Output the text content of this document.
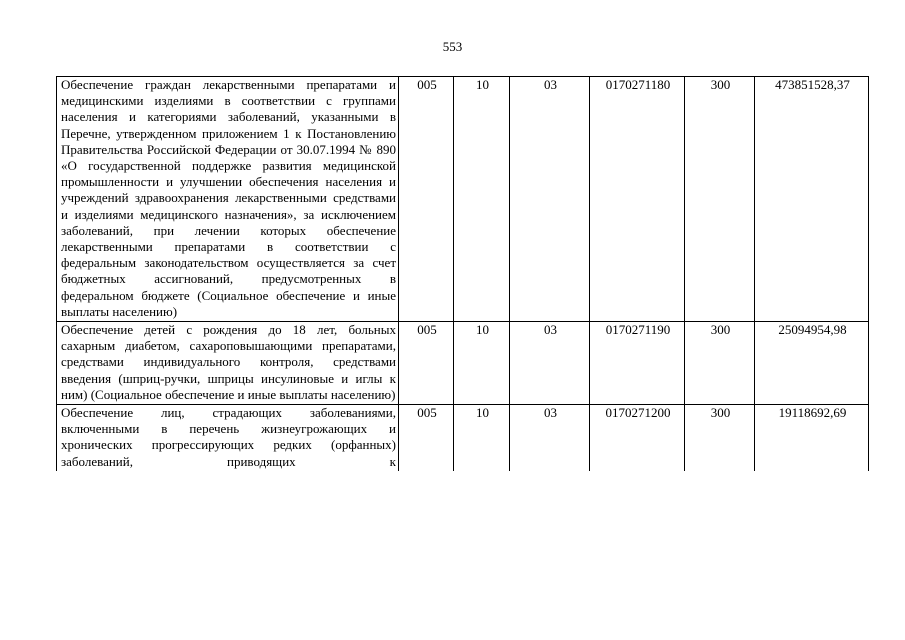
553
Обеспечение граждан лекарственными препаратами и медицинскими изделиями в соответствии с группами населения и категориями заболеваний, указанными в Перечне, утвержденном приложением 1 к Постановлению Правительства Российской Федерации от 30.07.1994 № 890 «О государственной поддержке развития медицинской промышленности и улучшении обеспечения населения и учреждений здравоохранения лекарственными средствами и изделиями медицинского назначения», за исключением заболеваний, при лечении которых обеспечение лекарственными препаратами в соответствии с федеральным законодательством осуществляется за счет бюджетных ассигнований, предусмотренных в федеральном бюджете (Социальное обеспечение и иные выплаты населению)	005	10	03	0170271180	300	473851528,37
Обеспечение детей с рождения до 18 лет, больных сахарным диабетом, сахароповышающими препаратами, средствами индивидуального контроля, средствами введения (шприц-ручки, шприцы инсулиновые и иглы к ним) (Социальное обеспечение и иные выплаты населению)	005	10	03	0170271190	300	25094954,98
Обеспечение лиц, страдающих заболеваниями, включенными в перечень жизнеугрожающих и хронических прогрессирующих редких (орфанных) заболеваний, приводящих к	005	10	03	0170271200	300	19118692,69
